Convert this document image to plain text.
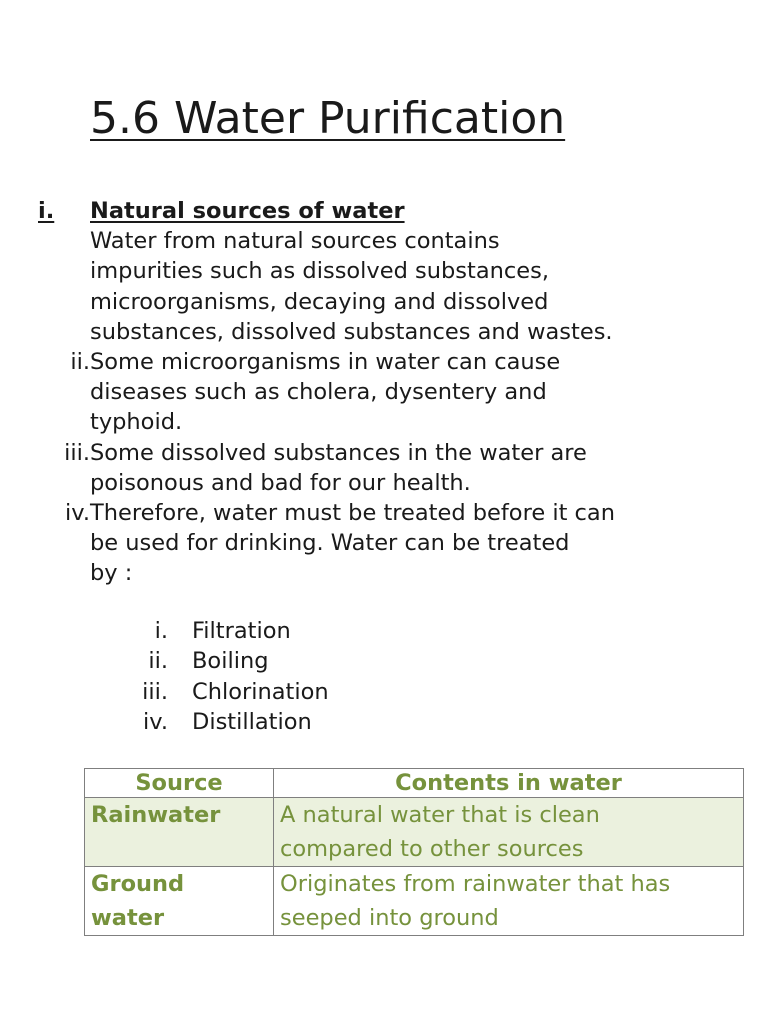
5.6 Water Purification
i.	Natural sources of water
Water from natural sources contains
impurities such as dissolved substances,
microorganisms, decaying and dissolved
substances, dissolved substances and wastes.
ii. Some microorganisms in water can cause
diseases such as cholera, dysentery and
typhoid.
iii. Some dissolved substances in the water are
poisonous and bad for our health.
iv. Therefore, water must be treated before it can
be used for drinking. Water can be treated
by :
i. Filtration
ii. Boiling
iii. Chlorination
iv. Distillation
Source	Contents in water

Rainwater	A natural water that is clean
compared to other sources

Ground
water	Originates from rainwater that has
seeped into ground
